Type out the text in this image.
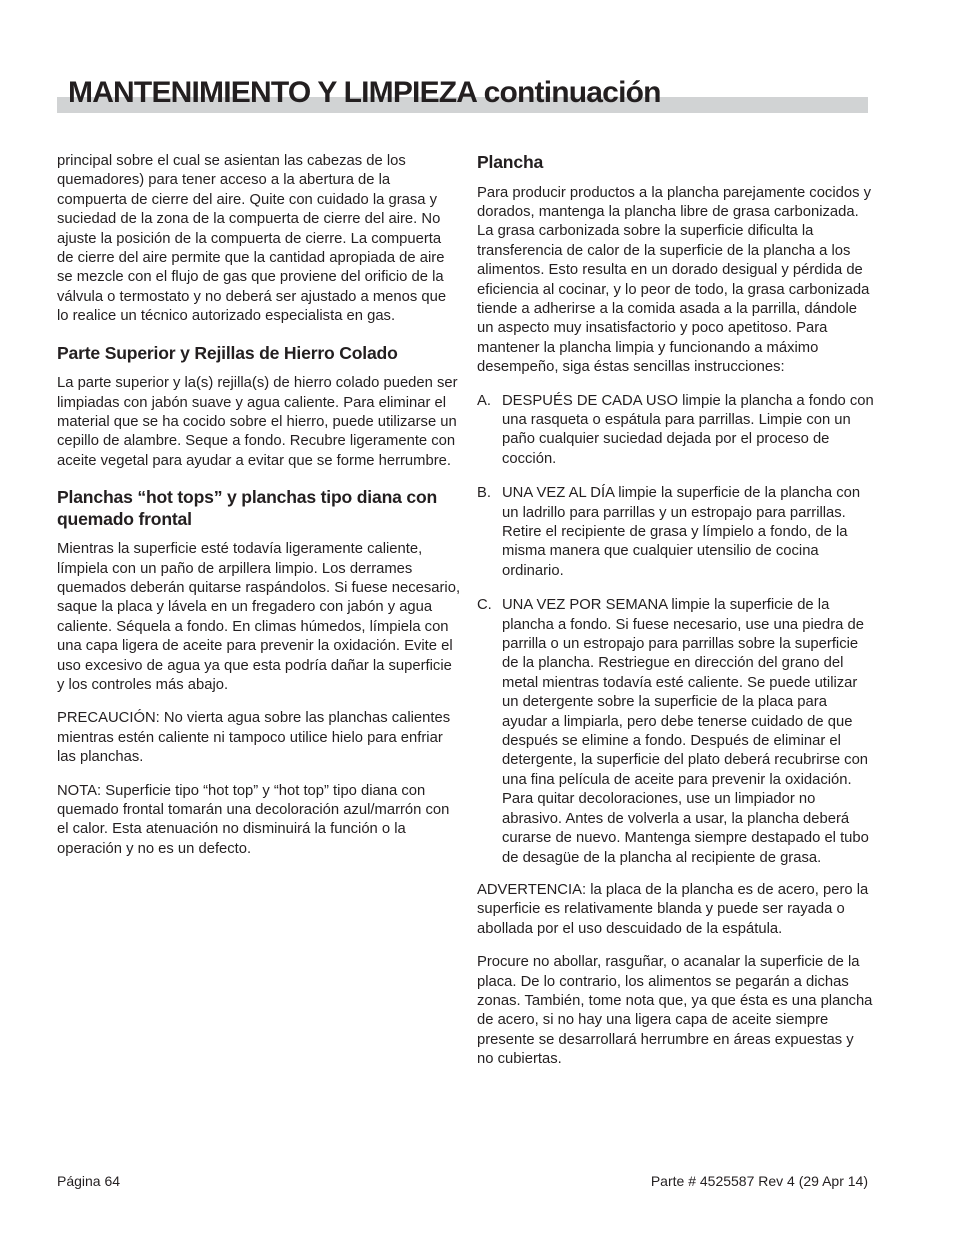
MANTENIMIENTO Y LIMPIEZA continuación

principal sobre el cual se asientan las cabezas de los quemadores) para tener acceso a la abertura de la compuerta de cierre del aire. Quite con cuidado la grasa y suciedad de la zona de la compuerta de cierre del aire. No ajuste la posición de la compuerta de cierre. La compuerta de cierre del aire permite que la cantidad apropiada de aire se mezcle con el flujo de gas que proviene del orificio de la válvula o termostato y no deberá ser ajustado a menos que lo realice un técnico autorizado especialista en gas.

Parte Superior y Rejillas de Hierro Colado

La parte superior y la(s) rejilla(s) de hierro colado pueden ser limpiadas con jabón suave y agua caliente. Para eliminar el material que se ha cocido sobre el hierro, puede utilizarse un cepillo de alambre. Seque a fondo. Recubre ligeramente con aceite vegetal para ayudar a evitar que se forme herrumbre.

Planchas “hot tops” y planchas tipo diana con quemado frontal

Mientras la superficie esté todavía ligeramente caliente, límpiela con un paño de arpillera limpio. Los derrames quemados deberán quitarse raspándolos. Si fuese necesario, saque la placa y lávela en un fregadero con jabón y agua caliente. Séquela a fondo. En climas húmedos, límpiela con una capa ligera de aceite para prevenir la oxidación. Evite el uso excesivo de agua ya que esta podría dañar la superficie y los controles más abajo.

PRECAUCIÓN: No vierta agua sobre las planchas calientes mientras estén caliente ni tampoco utilice hielo para enfriar las planchas.

NOTA: Superficie tipo “hot top” y “hot top” tipo diana con quemado frontal tomarán una decoloración azul/marrón con el calor. Esta atenuación no disminuirá la función o la operación y no es un defecto.

Plancha

Para producir productos a la plancha parejamente cocidos y dorados, mantenga la plancha libre de grasa carbonizada. La grasa carbonizada sobre la superficie dificulta la transferencia de calor de la superficie de la plancha a los alimentos. Esto resulta en un dorado desigual y pérdida de eficiencia al cocinar, y lo peor de todo, la grasa carbonizada tiende a adherirse a la comida asada a la parrilla, dándole un aspecto muy insatisfactorio y poco apetitoso. Para mantener la plancha limpia y funcionando a máximo desempeño, siga éstas sencillas instrucciones:

A. DESPUÉS DE CADA USO limpie la plancha a fondo con una rasqueta o espátula para parrillas. Limpie con un paño cualquier suciedad dejada por el proceso de cocción.
B. UNA VEZ AL DÍA limpie la superficie de la plancha con un ladrillo para parrillas y un estropajo para parrillas. Retire el recipiente de grasa y límpielo a fondo, de la misma manera que cualquier utensilio de cocina ordinario.
C. UNA VEZ POR SEMANA limpie la superficie de la plancha a fondo. Si fuese necesario, use una piedra de parrilla o un estropajo para parrillas sobre la superficie de la plancha. Restriegue en dirección del grano del metal mientras todavía esté caliente. Se puede utilizar un detergente sobre la superficie de la placa para ayudar a limpiarla, pero debe tenerse cuidado de que después se elimine a fondo. Después de eliminar el detergente, la superficie del plato deberá recubrirse con una fina película de aceite para prevenir la oxidación. Para quitar decoloraciones, use un limpiador no abrasivo. Antes de volverla a usar, la plancha deberá curarse de nuevo. Mantenga siempre destapado el tubo de desagüe de la plancha al recipiente de grasa.

ADVERTENCIA: la placa de la plancha es de acero, pero la superficie es relativamente blanda y puede ser rayada o abollada por el uso descuidado de la espátula.

Procure no abollar, rasguñar, o acanalar la superficie de la placa. De lo contrario, los alimentos se pegarán a dichas zonas. También, tome nota que, ya que ésta es una plancha de acero, si no hay una ligera capa de aceite siempre presente se desarrollará herrumbre en áreas expuestas y no cubiertas.

Página 64	Parte # 4525587 Rev 4 (29 Apr 14)
